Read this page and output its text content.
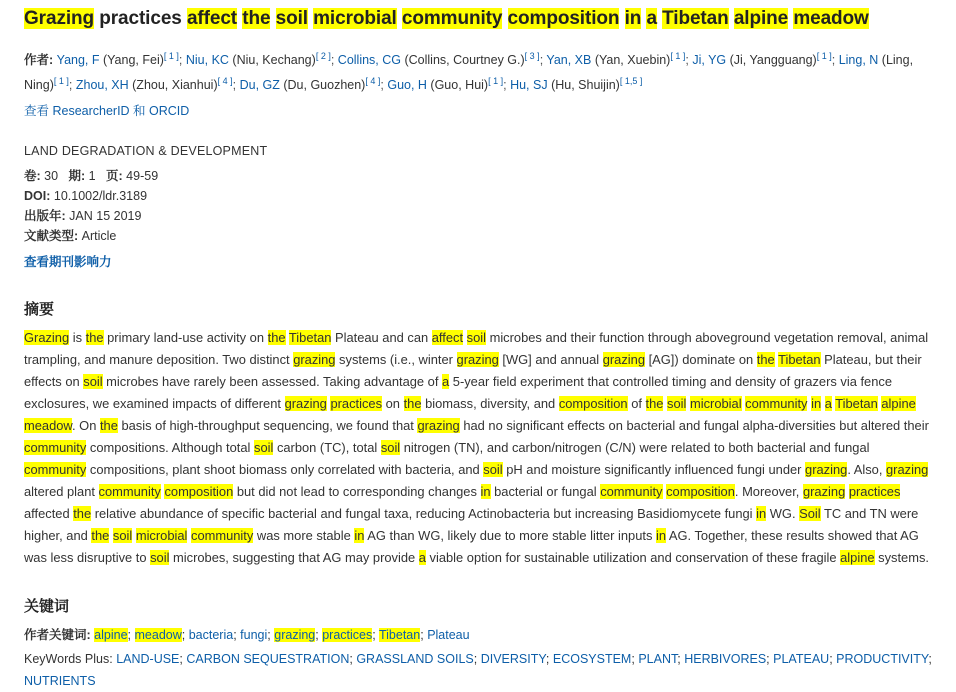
Grazing practices affect the soil microbial community composition in a Tibetan alpine meadow
作者: Yang, F (Yang, Fei)[ 1 ]; Niu, KC (Niu, Kechang)[ 2 ]; Collins, CG (Collins, Courtney G.)[ 3 ]; Yan, XB (Yan, Xuebin)[ 1 ]; Ji, YG (Ji, Yangguang)[ 1 ]; Ling, N (Ling, Ning)[ 1 ]; Zhou, XH (Zhou, Xianhui)[ 4 ]; Du, GZ (Du, Guozhen)[ 4 ]; Guo, H (Guo, Hui)[ 1 ]; Hu, SJ (Hu, Shuijin)[ 1,5 ]
查看 ResearcherID 和 ORCID
LAND DEGRADATION & DEVELOPMENT
卷: 30 期: 1 页: 49-59
DOI: 10.1002/ldr.3189
出版年: JAN 15 2019
文献类型: Article
查看期刊影响力
摘要
Grazing is the primary land-use activity on the Tibetan Plateau and can affect soil microbes and their function through aboveground vegetation removal, animal trampling, and manure deposition. Two distinct grazing systems (i.e., winter grazing [WG] and annual grazing [AG]) dominate on the Tibetan Plateau, but their effects on soil microbes have rarely been assessed. Taking advantage of a 5-year field experiment that controlled timing and density of grazers via fence exclosures, we examined impacts of different grazing practices on the biomass, diversity, and composition of the soil microbial community in a Tibetan alpine meadow. On the basis of high-throughput sequencing, we found that grazing had no significant effects on bacterial and fungal alpha-diversities but altered their community compositions. Although total soil carbon (TC), total soil nitrogen (TN), and carbon/nitrogen (C/N) were related to both bacterial and fungal community compositions, plant shoot biomass only correlated with bacteria, and soil pH and moisture significantly influenced fungi under grazing. Also, grazing altered plant community composition but did not lead to corresponding changes in bacterial or fungal community composition. Moreover, grazing practices affected the relative abundance of specific bacterial and fungal taxa, reducing Actinobacteria but increasing Basidiomycete fungi in WG. Soil TC and TN were higher, and the soil microbial community was more stable in AG than WG, likely due to more stable litter inputs in AG. Together, these results showed that AG was less disruptive to soil microbes, suggesting that AG may provide a viable option for sustainable utilization and conservation of these fragile alpine systems.
关键词
作者关键词: alpine; meadow; bacteria; fungi; grazing; practices; Tibetan; Plateau
KeyWords Plus: LAND-USE; CARBON SEQUESTRATION; GRASSLAND SOILS; DIVERSITY; ECOSYSTEM; PLANT; HERBIVORES; PLATEAU; PRODUCTIVITY; NUTRIENTS
